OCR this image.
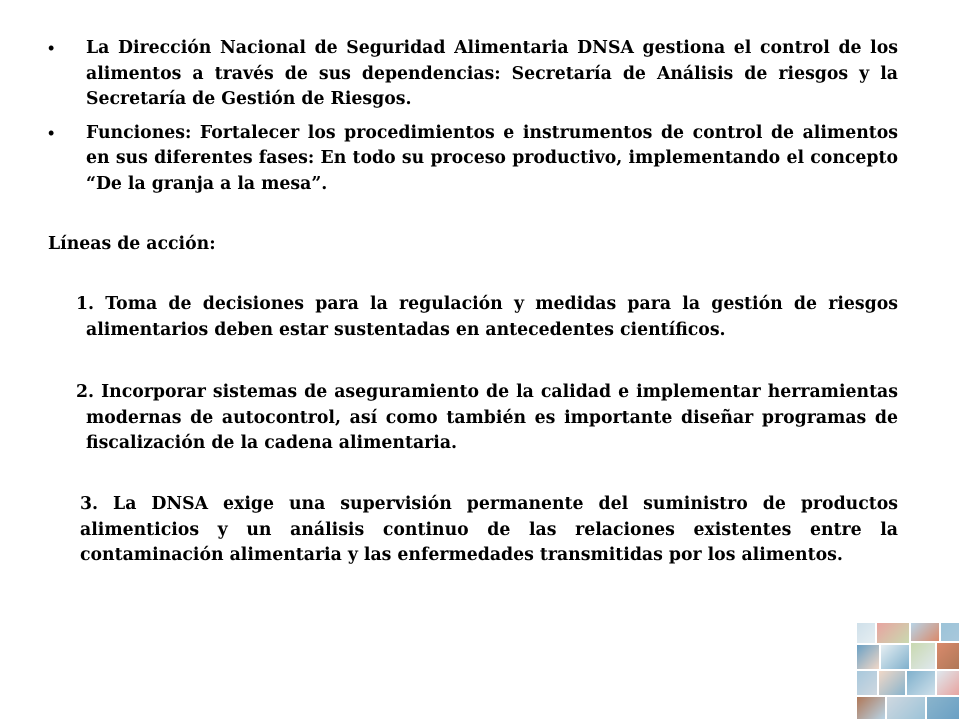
• La Dirección Nacional de Seguridad Alimentaria DNSA gestiona el control de los alimentos a través de sus dependencias: Secretaría de Análisis de riesgos y la Secretaría de Gestión de Riesgos.
• Funciones: Fortalecer los procedimientos e instrumentos de control de alimentos en sus diferentes fases: En todo su proceso productivo, implementando el concepto “De la granja a la mesa”.
Líneas de acción:
1. Toma de decisiones para la regulación y medidas para la gestión de riesgos alimentarios deben estar sustentadas en antecedentes científicos.
2. Incorporar sistemas de aseguramiento de la calidad e implementar herramientas modernas de autocontrol, así como también es importante diseñar programas de fiscalización de la cadena alimentaria.
3. La DNSA exige una supervisión permanente del suministro de productos alimenticios y un análisis continuo de las relaciones existentes entre la contaminación alimentaria y las enfermedades transmitidas por los alimentos.
